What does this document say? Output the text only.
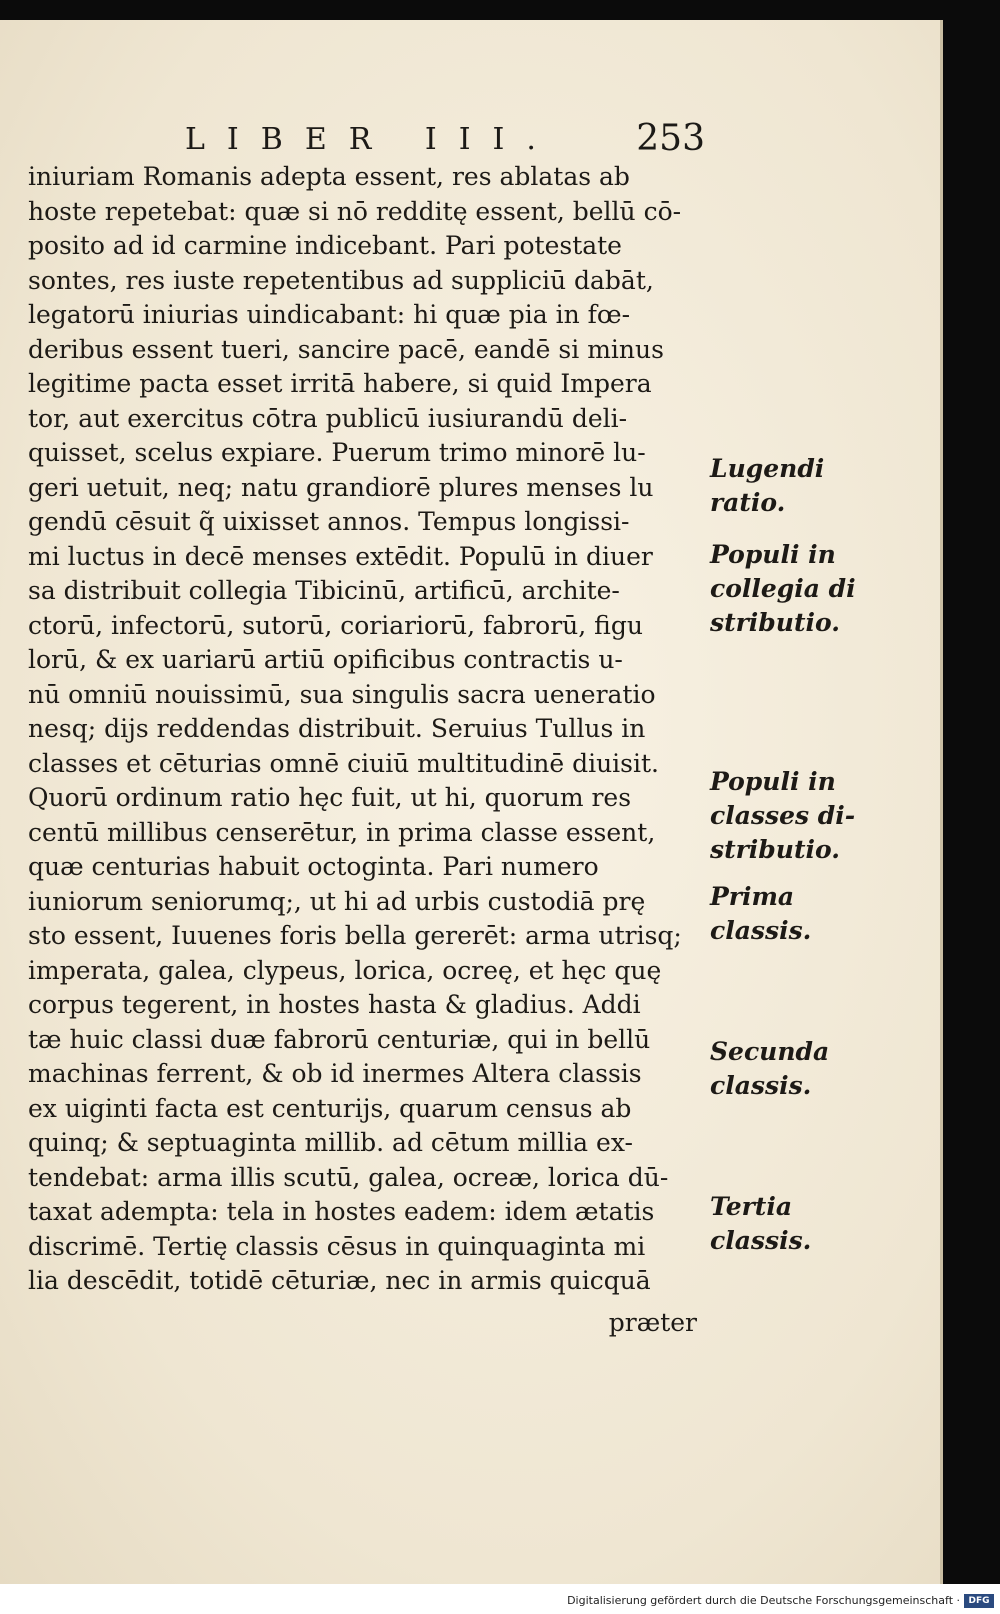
LIBER III. 253
iniuriam Romanis adepta essent, res ablatas ab
hoste repetebat: quæ si nō redditę essent, bellū cō-
posito ad id carmine indicebant. Pari potestate
sontes, res iuste repetentibus ad suppliciū dabāt,
legatorū iniurias uindicabant: hi quæ pia in fœ-
deribus essent tueri, sancire pacē, eandē si minus
legitime pacta esset irritā habere, si quid Impera
tor, aut exercitus cōtra publicū iusiurandū deli-
quisset, scelus expiare. Puerum trimo minorē lu-
geri uetuit, neq; natu grandiorē plures menses lu
gendū cēsuit q̃ uixisset annos. Tempus longissi-
mi luctus in decē menses extēdit. Populū in diuer
sa distribuit collegia Tibicinū, artificū, archite-
ctorū, infectorū, sutorū, coriariorū, fabrorū, figu
lorū, & ex uariarū artiū opificibus contractis u-
nū omniū nouissimū, sua singulis sacra ueneratio
nesq; dijs reddendas distribuit. Seruius Tullus in
classes et cēturias omnē ciuiū multitudinē diuisit.
Quorū ordinum ratio hęc fuit, ut hi, quorum res
centū millibus censerētur, in prima classe essent,
quæ centurias habuit octoginta. Pari numero
iuniorum seniorumq;, ut hi ad urbis custodiā prę
sto essent, Iuuenes foris bella gererēt: arma utrisq;
imperata, galea, clypeus, lorica, ocreę, et hęc quę
corpus tegerent, in hostes hasta & gladius. Addi
tæ huic classi duæ fabrorū centuriæ, qui in bellū
machinas ferrent, & ob id inermes Altera classis
ex uiginti facta est centurijs, quarum census ab
quinq; & septuaginta millib. ad cētum millia ex-
tendebat: arma illis scutū, galea, ocreæ, lorica dū-
taxat adempta: tela in hostes eadem: idem ætatis
discrimē. Tertię classis cēsus in quinquaginta mi
lia descēdit, totidē cēturiæ, nec in armis quicquā
præter
Lugendi
ratio.
Populi in
collegia di
stributio.
Populi in
classes di-
stributio.
Prima
classis.
Secunda
classis.
Tertia
classis.
Digitalisierung gefördert durch die Deutsche Forschungsgemeinschaft · DFG
